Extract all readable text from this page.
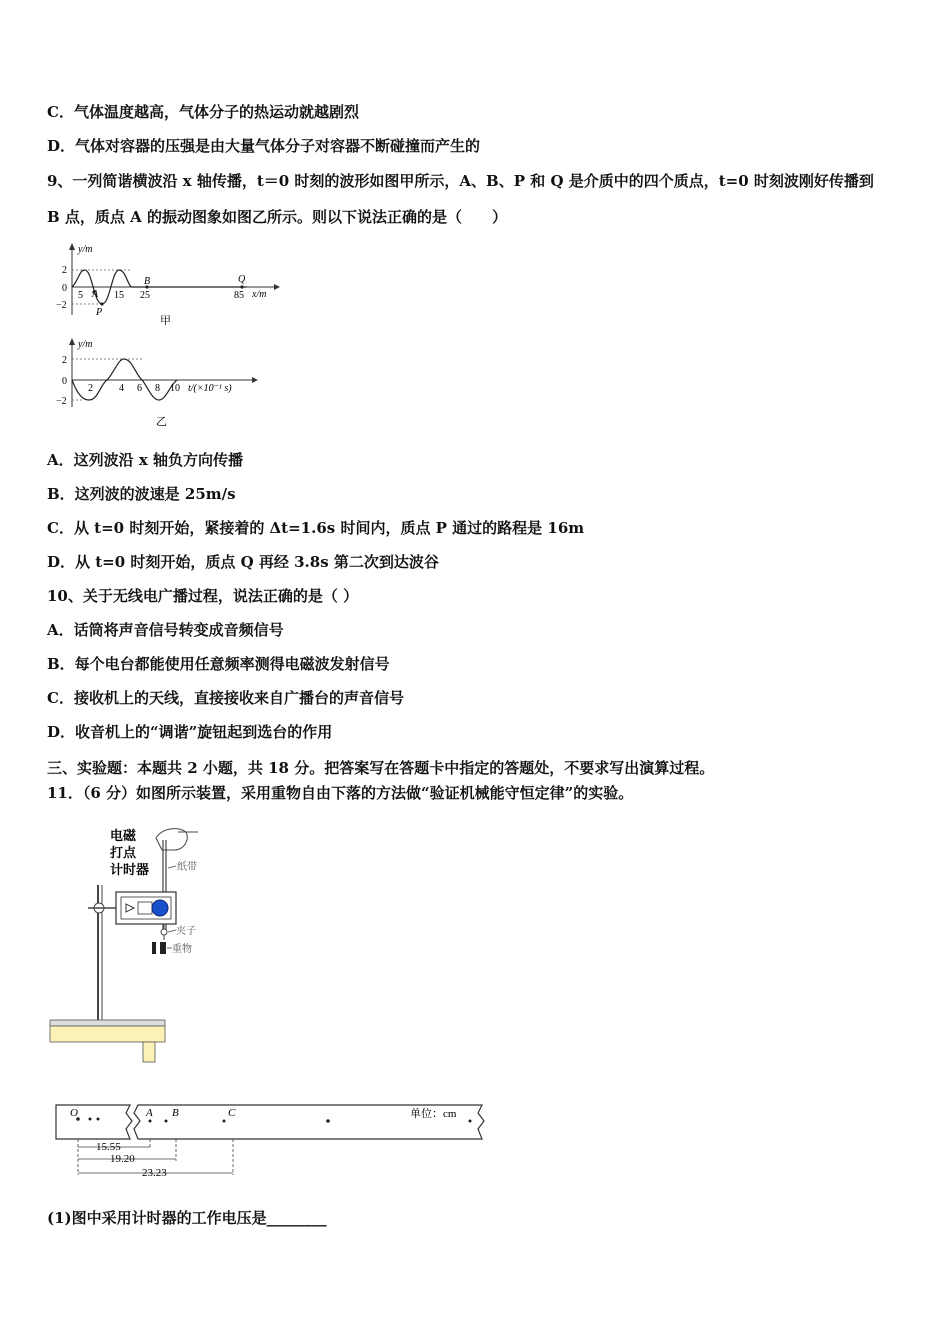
C．气体温度越高，气体分子的热运动就越剧烈
D．气体对容器的压强是由大量气体分子对容器不断碰撞而产生的
9、一列简谐横波沿 x 轴传播，t＝0 时刻的波形如图甲所示，A、B、P 和 Q 是介质中的四个质点，t=0 时刻波刚好传播到
B 点，质点 A 的振动图象如图乙所示。则以下说法正确的是（　　）
y/m
2
0
−2
A
P
B	Q
5	15 25	85 x/m
甲
y/m
2
0
−2
2	4 6 8 10 t/(×10⁻¹ s)
乙
A．这列波沿 x 轴负方向传播
B．这列波的波速是 25m/s
C．从 t=0 时刻开始，紧接着的 Δt=1.6s 时间内，质点 P 通过的路程是 16m
D．从 t=0 时刻开始，质点 Q 再经 3.8s 第二次到达波谷
10、关于无线电广播过程，说法正确的是（ ）
A．话筒将声音信号转变成音频信号
B．每个电台都能使用任意频率测得电磁波发射信号
C．接收机上的天线，直接接收来自广播台的声音信号
D．收音机上的“调谐”旋钮起到选台的作用
三、实验题：本题共 2 小题，共 18 分。把答案写在答题卡中指定的答题处，不要求写出演算过程。
11．（6 分）如图所示装置，采用重物自由下落的方法做“验证机械能守恒定律”的实验。
电磁
打点
计时器	纸带
夹子
重物
O	A B	C	单位：cm
15.55
19.20
23.23
(1)图中采用计时器的工作电压是________
